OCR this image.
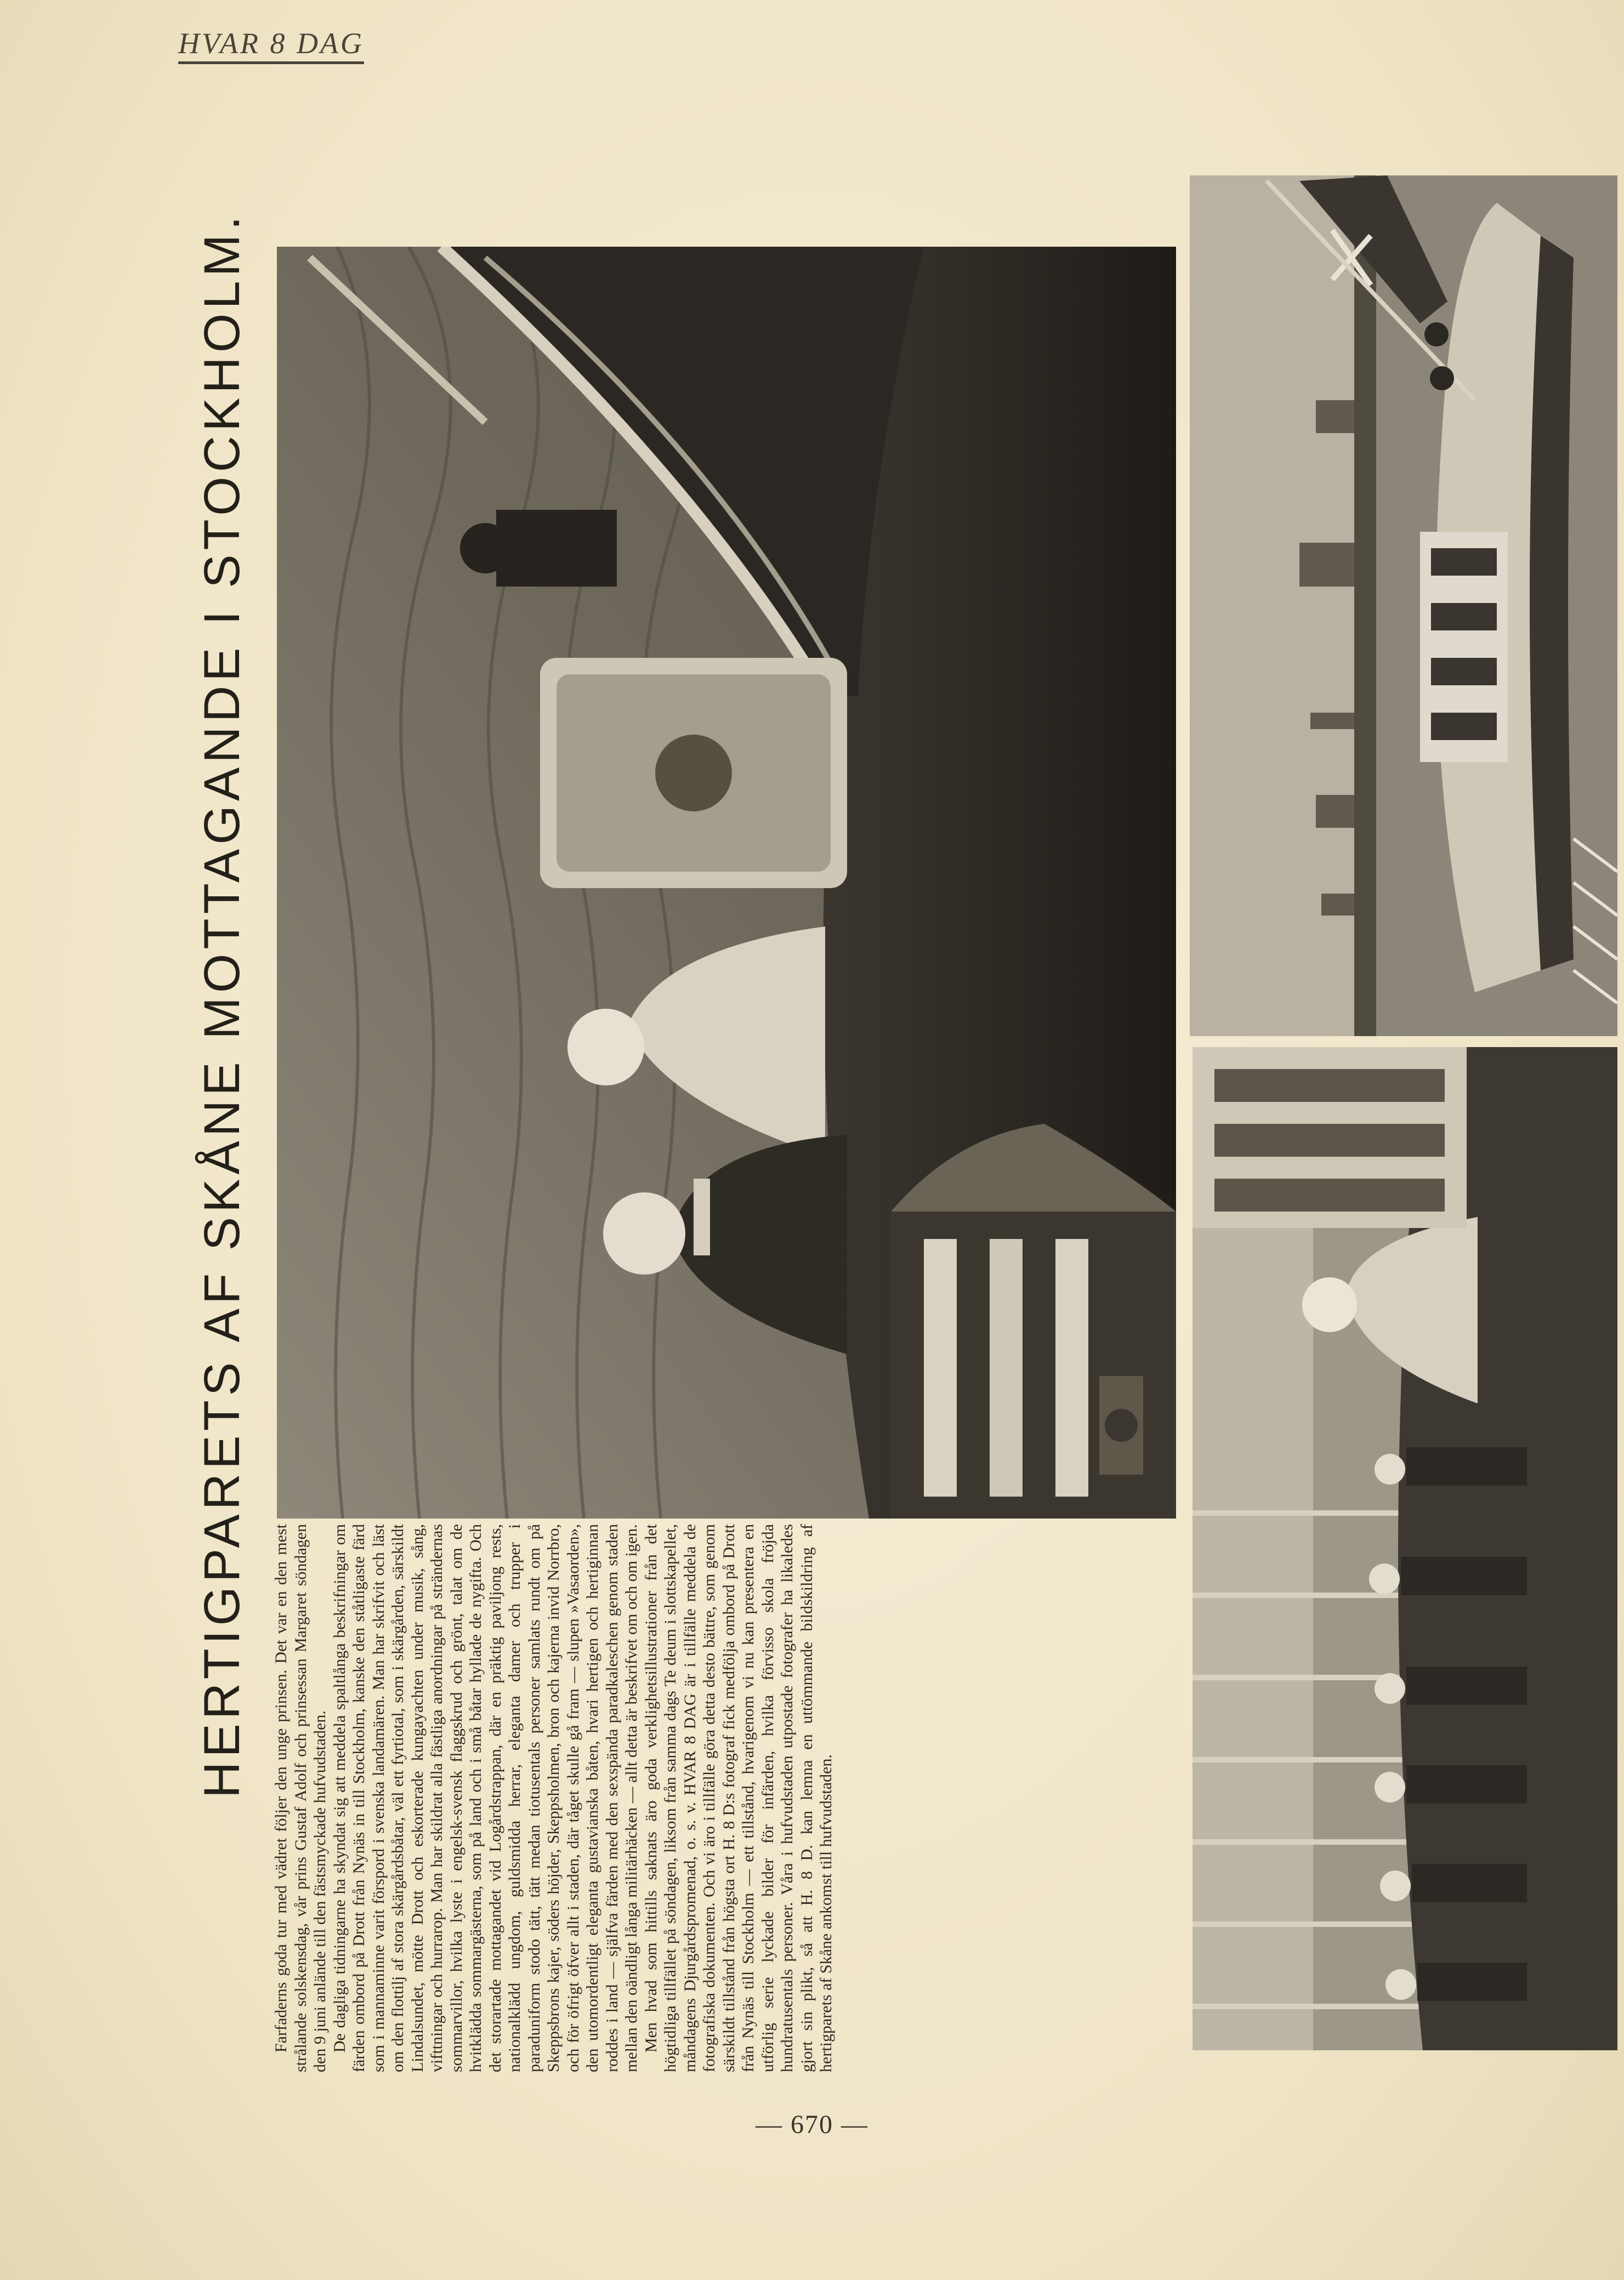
HVAR 8 DAG
HERTIGPARETS AF SKÅNE MOTTAGANDE I STOCKHOLM.	Farfaderns goda tur med vädret följer den unge prinsen. Det var en den mest strålande solskensdag, vår prins Gustaf Adolf och prinsessan Margaret söndagen den 9 juni anlände till den fästsmyckade hufvudstaden. De dagliga tidningarne ha skyndat sig att meddela spaltlånga beskrifningar om färden ombord på Drott från Nynäs in till Stockholm, kanske den ståtligaste färd som i mannaminne varit förspord i svenska landamären. Man har skrifvit och läst om den flottilj af stora skärgårdsbåtar, väl ett fyrtiotal, som i skärgården, särskildt Lindalsundet, mötte Drott och eskorterade kungayachten under musik, sång, vifttningar och hurrarop. Man har skildrat alla fästliga anordningar på strändernas sommarvillor, hvilka lyste i engelsk-svensk flaggskrud och grönt, talat om de hvitklädda sommargästerna, som på land och i små båtar hyllade de nygifta. Och det storartade mottagandet vid Logårdstrappan, där en präktig paviljong rests, nationalklädd ungdom, guldsmidda herrar, eleganta damer och trupper i paraduniform stodo tätt, tätt medan tiotusentals personer samlats rundt om på Skeppsbrons kajer, söders höjder, Skeppsholmen, bron och kajerna invid Norrbro, och för öfrigt öfver allt i staden, där tåget skulle gå fram — slupen »Vasaorden», den utomordentligt eleganta gustavianska båten, hvari hertigen och hertiginnan roddes i land — själfva färden med den sexspända paradkaleschen genom staden mellan den oändligt långa militärhäcken — allt detta är beskrifvet om och om igen. Men hvad som hittills saknats äro goda verklighetsillustrationer från det högtidliga tillfället på söndagen, liksom från samma dags Te deum i slottskapellet, måndagens Djurgårdspromenad, o. s. v. HVAR 8 DAG är i tillfälle meddela de fotografiska dokumenten. Och vi äro i tillfälle göra detta desto bättre, som genom särskildt tillstånd från högsta ort H. 8 D:s fotograf fick medfölja ombord på Drott från Nynäs till Stockholm — ett tillstånd, hvarigenom vi nu kan presentera en utförlig serie lyckade bilder för infärden, hvilka förvisso skola fröjda hundratusentals personer. Våra i hufvudstaden utpostade fotografer ha likaledes gjort sin plikt, så att H. 8 D. kan lemna en uttömmande bildskildring af hertigparets af Skåne ankomst till hufvudstaden.

— 670 —
